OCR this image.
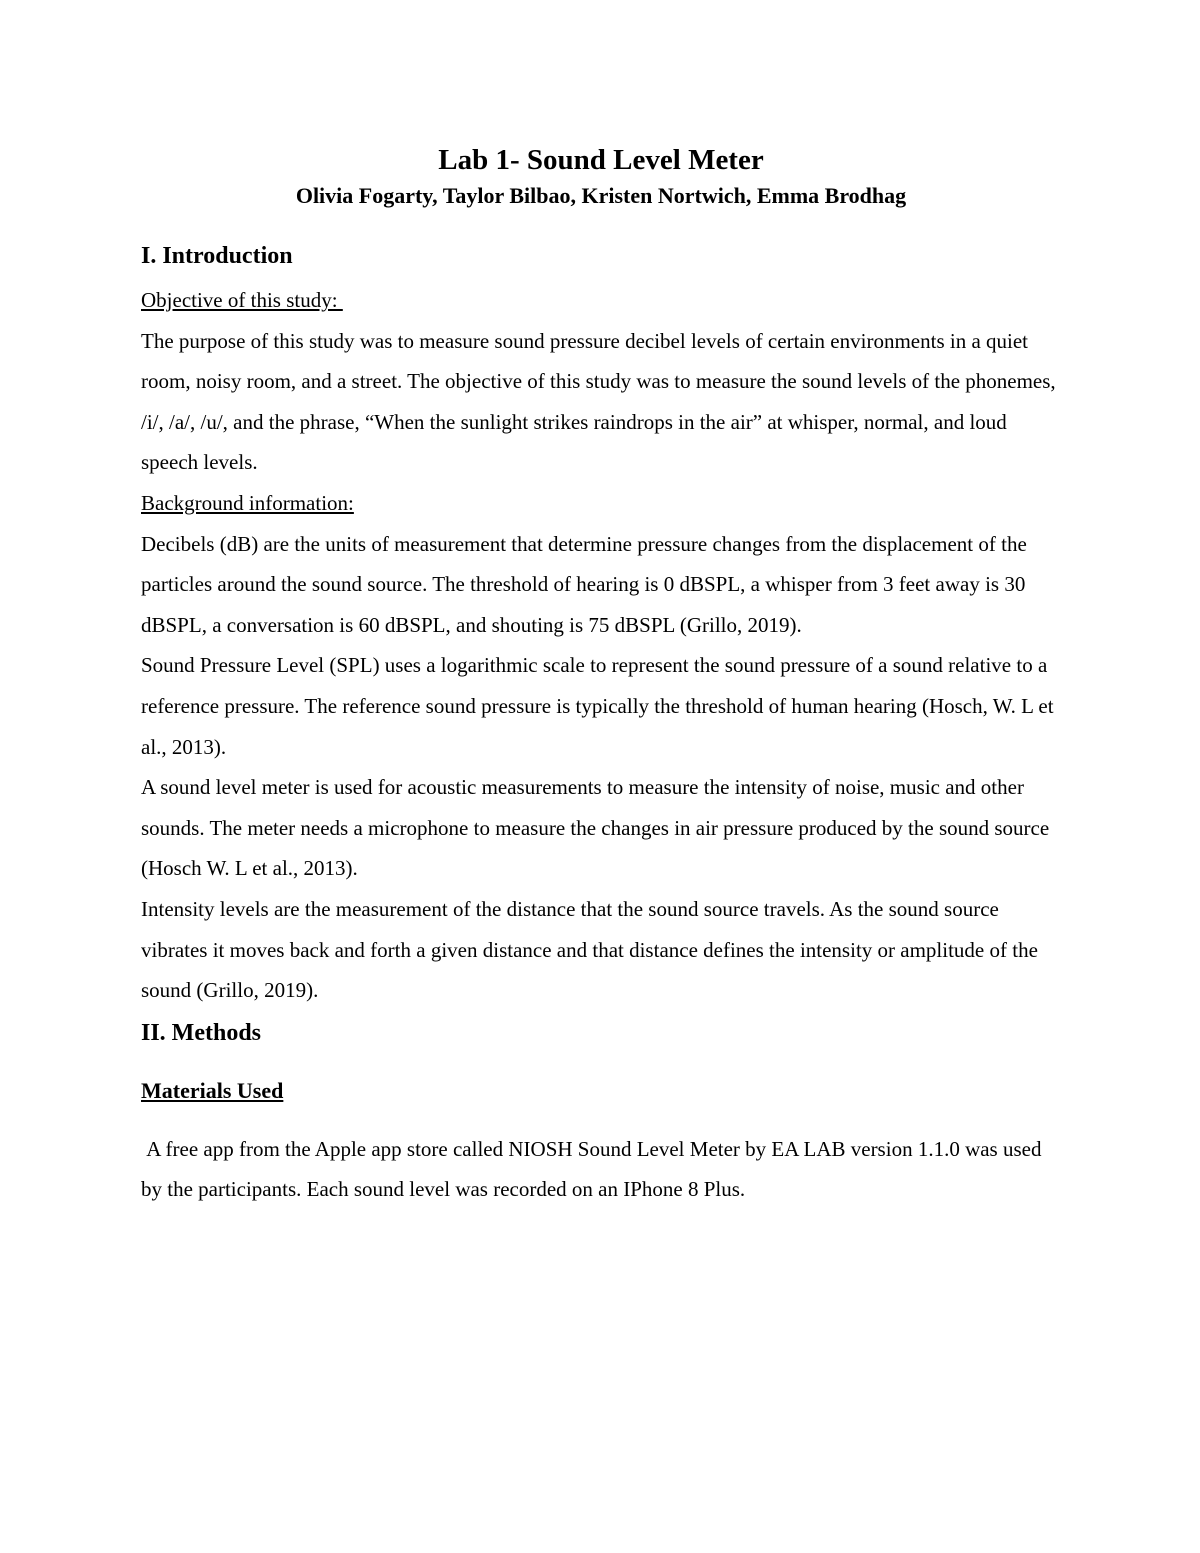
Lab 1- Sound Level Meter

Olivia Fogarty, Taylor Bilbao, Kristen Nortwich, Emma Brodhag

I. Introduction

Objective of this study:

The purpose of this study was to measure sound pressure decibel levels of certain environments in a quiet room, noisy room, and a street. The objective of this study was to measure the sound levels of the phonemes, /i/, /a/, /u/, and the phrase, “When the sunlight strikes raindrops in the air” at whisper, normal, and loud speech levels.

Background information:

Decibels (dB) are the units of measurement that determine pressure changes from the displacement of the particles around the sound source. The threshold of hearing is 0 dBSPL, a whisper from 3 feet away is 30 dBSPL, a conversation is 60 dBSPL, and shouting is 75 dBSPL (Grillo, 2019).

Sound Pressure Level (SPL) uses a logarithmic scale to represent the sound pressure of a sound relative to a reference pressure. The reference sound pressure is typically the threshold of human hearing (Hosch, W. L et al., 2013).

A sound level meter is used for acoustic measurements to measure the intensity of noise, music and other sounds. The meter needs a microphone to measure the changes in air pressure produced by the sound source (Hosch W. L et al., 2013).

Intensity levels are the measurement of the distance that the sound source travels. As the sound source vibrates it moves back and forth a given distance and that distance defines the intensity or amplitude of the sound (Grillo, 2019).

II. Methods
Materials Used

A free app from the Apple app store called NIOSH Sound Level Meter by EA LAB version 1.1.0 was used by the participants. Each sound level was recorded on an IPhone 8 Plus.
